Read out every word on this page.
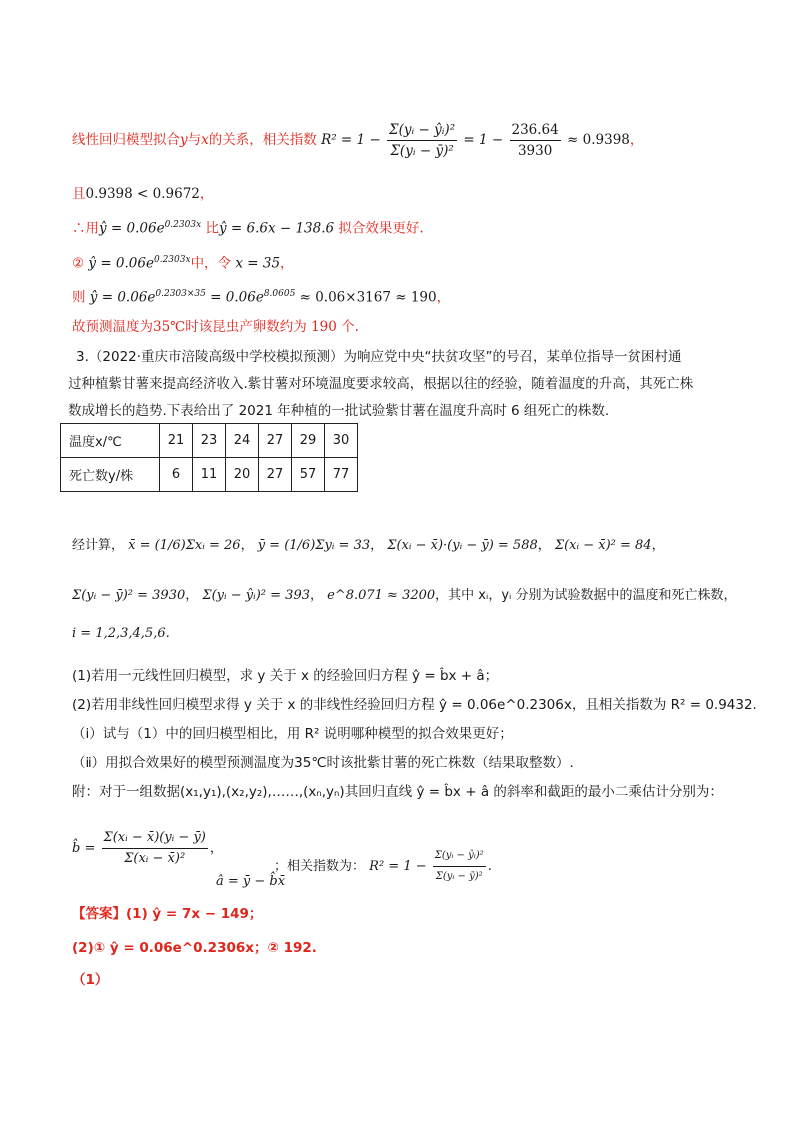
线性回归模型拟合y与x的关系，相关指数 $R^2 = 1 - \frac{\text{Σ(yᵢ − ŷᵢ)²}}{\text{Σ(yᵢ − ȳ)²}} = 1 - \frac{236.64}{3930} \approx 0.9398$，
且0.9398 < 0.9672，
∴用ŷ = $0.06e^{0.2303x}$ 比ŷ = 6.6x − 138.6 拟合效果更好.
② ŷ = $0.06e^{0.2303x}$中，令 x = 35，
则 ŷ = $0.06e^{0.2303\times 35} = 0.06e^{8.0605} \approx 0.06\times 3167 \approx 190$，
故预测温度为35℃时该昆虫产卵数约为 190 个.
3.（2022·重庆市涪陵高级中学校模拟预测）为响应党中央“扶贫攻坚”的号召，某单位指导一贫困村通
过种植紫甘薯来提高经济收入.紫甘薯对环境温度要求较高，根据以往的经验，随着温度的升高，其死亡株
数成增长的趋势.下表给出了 2021 年种植的一批试验紫甘薯在温度升高时 6 组死亡的株数.
温度x/℃	21	23	24	27	29	30
死亡数y/株	6	11	20	27	57	77
经计算， x̄ = (1/6)Σxᵢ = 26， ȳ = (1/6)Σyᵢ = 33， Σ(xᵢ − x̄)·(yᵢ − ȳ) = 588， Σ(xᵢ − x̄)² = 84，
Σ(yᵢ − ȳ)² = 3930， Σ(yᵢ − ŷᵢ)² = 393， e^8.071 ≈ 3200，其中 xᵢ，yᵢ 分别为试验数据中的温度和死亡株数，
i = 1,2,3,4,5,6.
(1)若用一元线性回归模型，求 y 关于 x 的经验回归方程 ŷ = b̂x + â；
(2)若用非线性回归模型求得 y 关于 x 的非线性经验回归方程 ŷ = 0.06e^0.2306x，且相关指数为 R² = 0.9432.
（ⅰ）试与（1）中的回归模型相比，用 R² 说明哪种模型的拟合效果更好；
（ⅱ）用拟合效果好的模型预测温度为35℃时该批紫甘薯的死亡株数（结果取整数）.
附：对于一组数据(x₁,y₁),(x₂,y₂),……,(xₙ,yₙ)其回归直线 ŷ = b̂x + â 的斜率和截距的最小二乘估计分别为：
b̂ = $\frac{\text{Σ(xᵢ − x̄)(yᵢ − ȳ)}}{\text{Σ(xᵢ − x̄)²}}$ ，
â = ȳ − b̂x̄
；相关指数为： $R^2 = 1 - \frac{\text{Σ(yᵢ − ŷᵢ)²}}{\text{Σ(yᵢ − ȳ)²}}$ .
【答案】(1) ŷ = 7x − 149；
(2)① ŷ = 0.06e^0.2306x；② 192.
（1）
